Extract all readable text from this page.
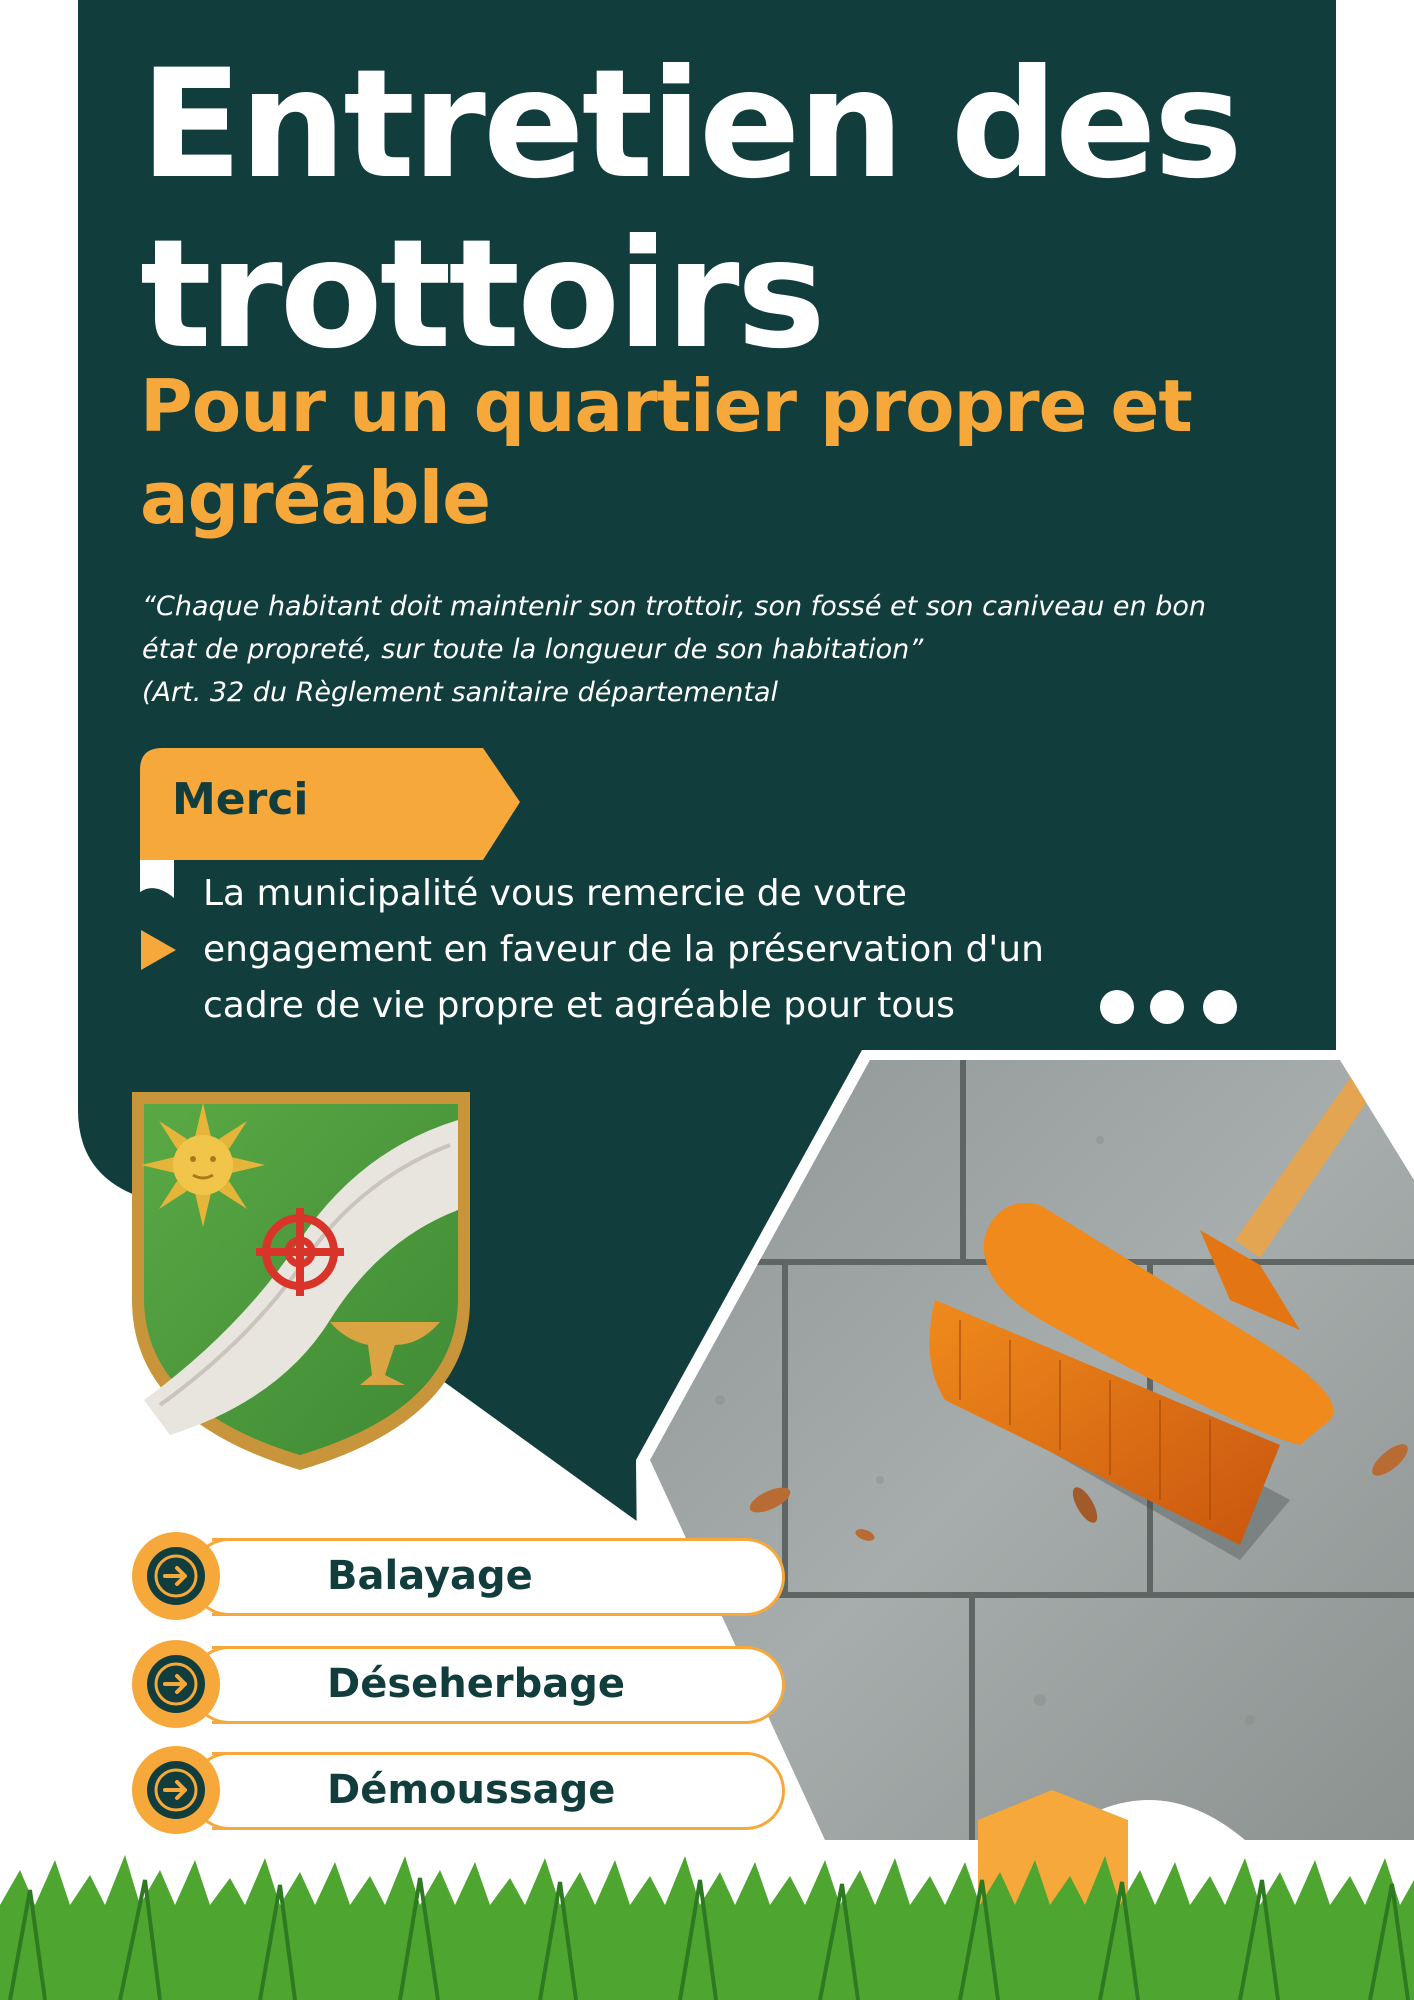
Entretien des trottoirs
Pour un quartier propre et agréable
“Chaque habitant doit maintenir son trottoir, son fossé et son caniveau en bon
état de propreté, sur toute la longueur de son habitation”
(Art. 32 du Règlement sanitaire départemental
Merci
La municipalité vous remercie de votre
engagement en faveur de la préservation d'un
cadre de vie propre et agréable pour tous
Balayage
Déseherbage
Démoussage
